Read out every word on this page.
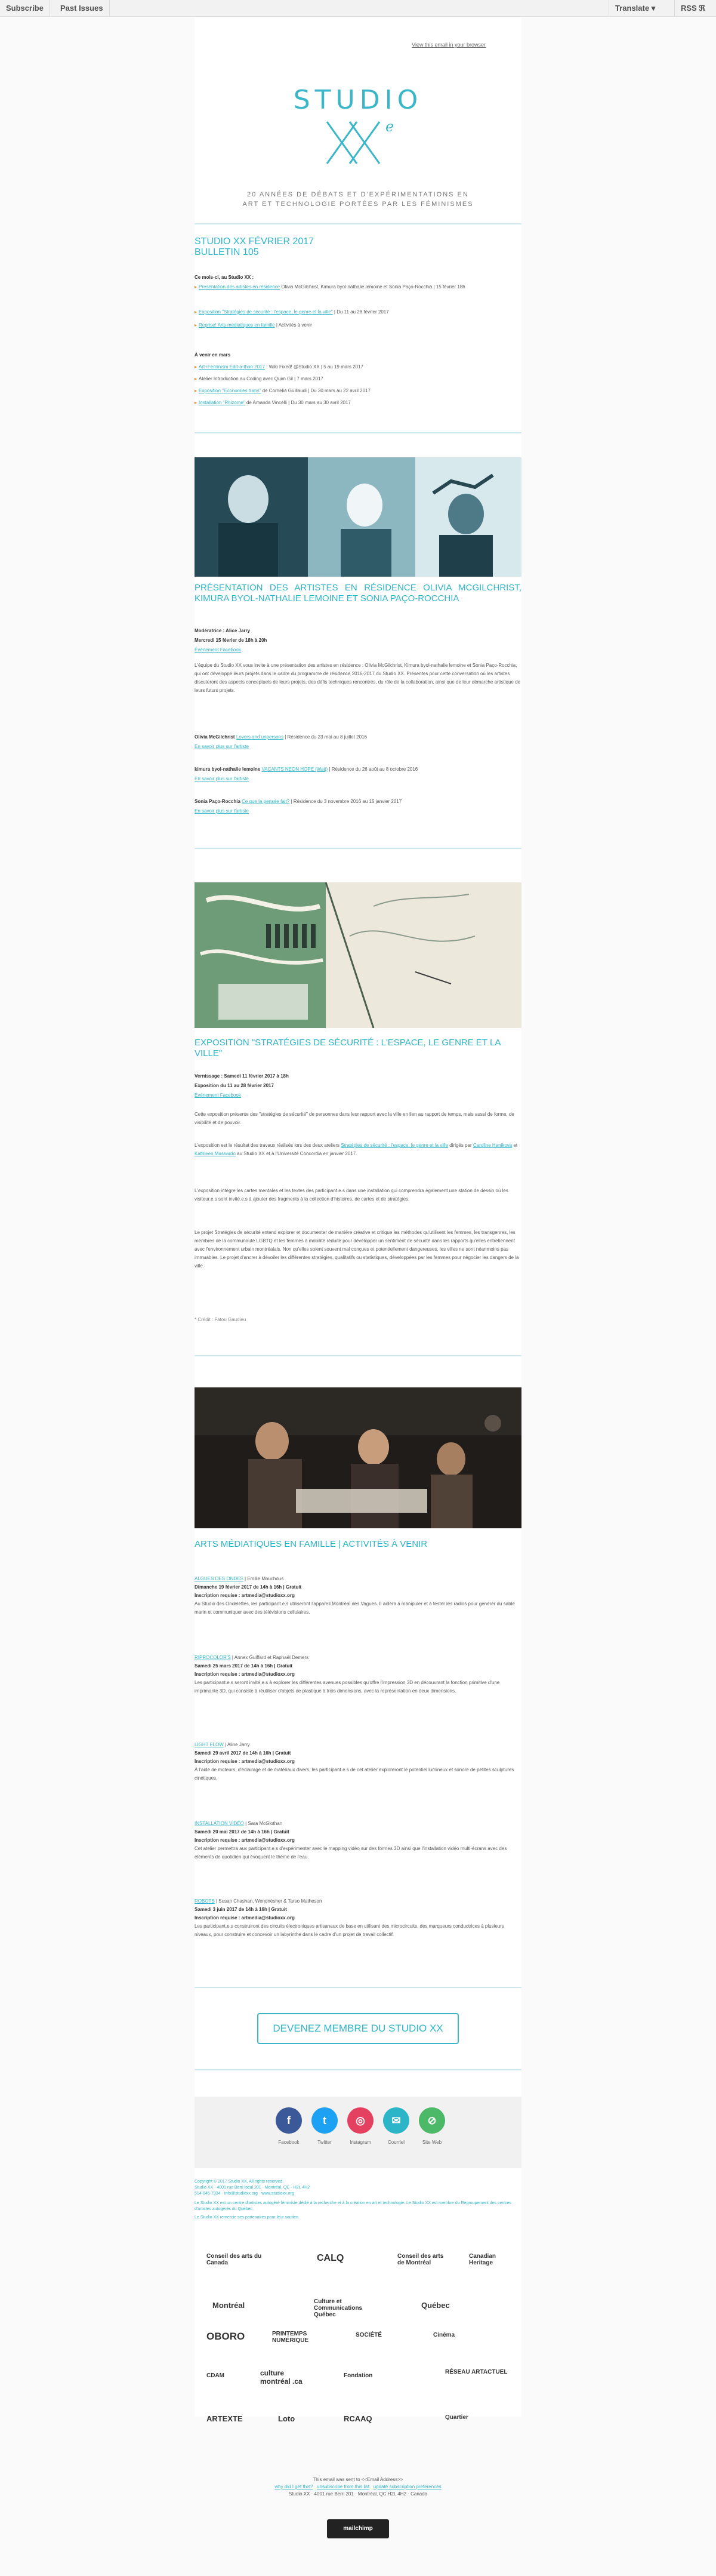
Subscribe	Past Issues	Translate ▾	RSS ℜ
View this email in your browser
STUDIO
e
20 ANNÉES DE DÉBATS ET D'EXPÉRIMENTATIONS EN
ART ET TECHNOLOGIE PORTÉES PAR LES FÉMINISMES
STUDIO XX FÉVRIER 2017
BULLETIN 105
Ce mois-ci, au Studio XX :
▸ Présentation des artistes en résidence Olivia McGilchrist, Kimura byol-nathalie lemoine et Sonia Paço-Rocchia | 15 février 18h
▸ Exposition "Stratégies de sécurité : l'espace, le genre et la ville" | Du 11 au 28 février 2017
▸ Reprise! Arts médiatiques en famille | Activités à venir
À venir en mars
▸ Art+Feminism Edit-a-thon 2017 : Wiki Fixed! @Studio XX | 5 au 19 mars 2017
▸ Atelier Introduction au Coding avec Quim Gil | 7 mars 2017
▸ Exposition "Economies trans" de Cornelia Guillaudi | Du 30 mars au 22 avril 2017
▸ Installation "Rhizome" de Amanda Vincelli | Du 30 mars au 30 avril 2017
PRÉSENTATION DES ARTISTES EN RÉSIDENCE OLIVIA MCGILCHRIST, KIMURA BYOL-NATHALIE LEMOINE ET SONIA PAÇO-ROCCHIA
Modératrice : Alice Jarry
Mercredi 15 février de 18h à 20h
Événement Facebook
L'équipe du Studio XX vous invite à une présentation des artistes en résidence : Olivia McGilchrist, Kimura byol-nathalie lemoine et Sonia Paço-Rocchia, qui ont développé leurs projets dans le cadre du programme de résidence 2016-2017 du Studio XX. Présentes pour cette conversation où les artistes discuteront des aspects conceptuels de leurs projets, des défis techniques rencontrés, du rôle de la collaboration, ainsi que de leur démarche artistique de leurs futurs projets.
Olivia McGilchrist Lovers and unpersons | Résidence du 23 mai au 8 juillet 2016
En savoir plus sur l'artiste
kimura byol-nathalie lemoine VACANTS NEON HOPE (Wait) | Résidence du 26 août au 8 octobre 2016
En savoir plus sur l'artiste
Sonia Paço-Rocchia Ce que la pensée fait? | Résidence du 3 novembre 2016 au 15 janvier 2017
En savoir plus sur l'artiste
EXPOSITION "STRATÉGIES DE SÉCURITÉ : L'ESPACE, LE GENRE ET LA VILLE"
Vernissage : Samedi 11 février 2017 à 18h
Exposition du 11 au 28 février 2017
Événement Facebook
Cette exposition présente des "stratégies de sécurité" de personnes dans leur rapport avec la ville en lien au rapport de temps, mais aussi de forme, de visibilité et de pouvoir.
L'exposition est le résultat des travaux réalisés lors des deux ateliers Stratégies de sécurité : l'espace, le genre et la ville dirigés par Caroline Hanikova et Kathleen Massardo au Studio XX et à l'Université Concordia en janvier 2017.
L'exposition intègre les cartes mentales et les textes des participant.e.s dans une installation qui comprendra également une station de dessin où les visiteur.e.s sont invité.e.s à ajouter des fragments à la collection d'histoires, de cartes et de stratégies.
Le projet Stratégies de sécurité entend explorer et documenter de manière créative et critique les méthodes qu'utilisent les femmes, les transgenres, les membres de la communauté LGBTQ et les femmes à mobilité réduite pour développer un sentiment de sécurité dans les rapports qu'elles entretiennent avec l'environnement urbain montréalais. Non qu'elles soient souvent mal conçues et potentiellement dangereuses, les villes ne sont néanmoins pas immuables. Le projet d'ancrer à dévoiler les différentes stratégies, qualitatifs ou statistiques, développées par les femmes pour négocier les dangers de la ville.
* Crédit : Fatou Gaudieu
ARTS MÉDIATIQUES EN FAMILLE | ACTIVITÉS À VENIR
ALGUES DES ONDES | Emilie Mouchous
Dimanche 19 février 2017 de 14h à 16h | Gratuit
Inscription requise : artmedia@studioxx.org
Au Studio des Ondelettes, les participant.e.s utiliseront l'appareil Montréal des Vagues. Il aidera à manipuler et à tester les radios pour générer du sable marin et communiquer avec des télévisions cellulaires.
RIPROCOLOR'S | Annex Guiffard et Raphaël Demers
Samedi 25 mars 2017 de 14h à 16h | Gratuit
Inscription requise : artmedia@studioxx.org
Les participant.e.s seront invité.e.s à explorer les différentes avenues possibles qu'offre l'impression 3D en découvrant la fonction primitive d'une imprimante 3D, qui consiste à réutiliser d'objets de plastique à trois dimensions, avec la représentation en deux dimensions.
LIGHT FLOW | Aline Jarry
Samedi 29 avril 2017 de 14h à 16h | Gratuit
Inscription requise : artmedia@studioxx.org
À l'aide de moteurs, d'éclairage et de matériaux divers, les participant.e.s de cet atelier exploreront le potentiel lumineux et sonore de petites sculptures cinétiques.
INSTALLATION VIDÉO | Sara McGlothan
Samedi 20 mai 2017 de 14h à 16h | Gratuit
Inscription requise : artmedia@studioxx.org
Cet atelier permettra aux participant.e.s d'expérimenter avec le mapping vidéo sur des formes 3D ainsi que l'installation vidéo multi-écrans avec des éléments de quotidien qui évoquent le thème de l'eau.
ROBOTS | Susan Chashan, Wendnésher & Tarso Matheson
Samedi 3 juin 2017 de 14h à 16h | Gratuit
Inscription requise : artmedia@studioxx.org
Les participant.e.s construiront des circuits électroniques artisanaux de base en utilisant des microcircuits, des marqueurs conductrices à plusieurs niveaux, pour construire et concevoir un labyrinthe dans le cadre d'un projet de travail collectif.
DEVENEZ MEMBRE DU STUDIO XX
f
Facebook
t
Twitter
◎
Instagram
✉
Courriel
⊘
Site Web
Copyright © 2017 Studio XX, All rights reserved.
Studio XX · 4001 rue Berri local 201 · Montréal, QC · H2L 4H2
514-845-7934 · info@studioxx.org · www.studioxx.org
Le Studio XX est un centre d'artistes autogéré féministe dédié à la recherche et à la création en art et technologie. Le Studio XX est membre du Regroupement des centres d'artistes autogérés du Québec.
Le Studio XX remercie ses partenaires pour leur soutien.
Conseil des arts du Canada	CALQ	Conseil des arts de Montréal
Canadian Heritage
Montréal	Culture et Communications Québec
Québec
OBORO	PRINTEMPS NUMÉRIQUE
SOCIÉTÉ	Cinéma
CDAM	culture montréal .ca
Fondation
RÉSEAU ARTACTUEL
ARTEXTE	Loto	RCAAQ	Quartier
This email was sent to <<Email Address>>
why did I get this? unsubscribe from this list update subscription preferences
Studio XX · 4001 rue Berri 201 · Montréal, QC H2L 4H2 · Canada
mailchimp
